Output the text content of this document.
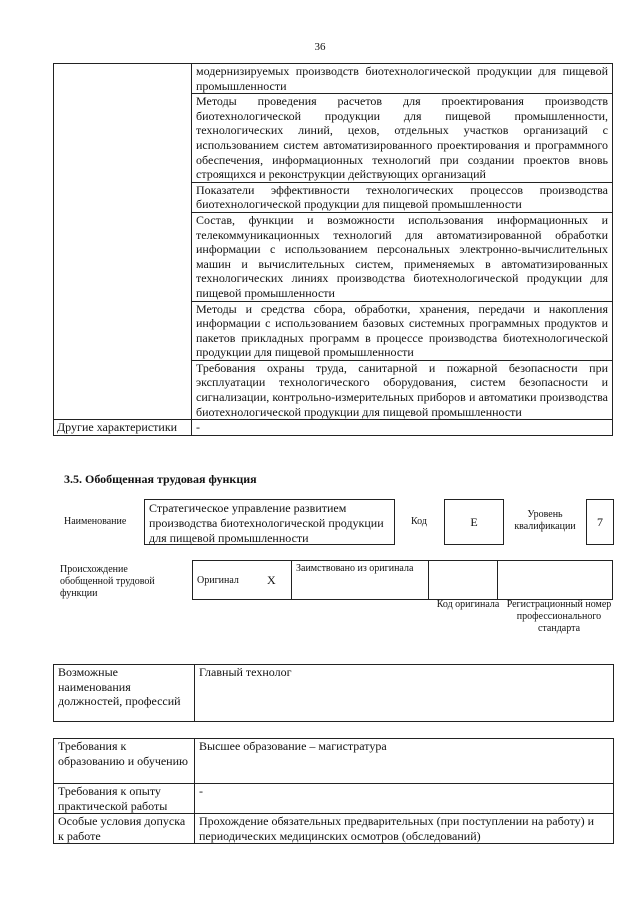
36
	модернизируемых производств биотехнологической продукции для пищевой промышленности
	Методы проведения расчетов для проектирования производств биотехнологической продукции для пищевой промышленности, технологических линий, цехов, отдельных участков организаций с использованием систем автоматизированного проектирования и программного обеспечения, информационных технологий при создании проектов вновь строящихся и реконструкции действующих организаций
	Показатели эффективности технологических процессов производства биотехнологической продукции для пищевой промышленности
	Состав, функции и возможности использования информационных и телекоммуникационных технологий для автоматизированной обработки информации с использованием персональных электронно-вычислительных машин и вычислительных систем, применяемых в автоматизированных технологических линиях производства биотехнологической продукции для пищевой промышленности
	Методы и средства сбора, обработки, хранения, передачи и накопления информации с использованием базовых системных программных продуктов и пакетов прикладных программ в процессе производства биотехнологической продукции для пищевой промышленности
	Требования охраны труда, санитарной и пожарной безопасности при эксплуатации технологического оборудования, систем безопасности и сигнализации, контрольно-измерительных приборов и автоматики производства биотехнологической продукции для пищевой промышленности
Другие характеристики	-
3.5. Обобщенная трудовая функция
Наименование
Стратегическое управление развитием производства биотехнологической продукции для пищевой промышленности
Код	E	Уровень квалификации	7
Происхождение обобщенной трудовой функции
Оригинал	X	Заимствовано из оригинала		
Код оригинала Регистрационный номер профессионального стандарта
Возможные наименования должностей, профессий	Главный технолог
Требования к образованию и обучению	Высшее образование – магистратура
Требования к опыту практической работы	-
Особые условия допуска к работе	Прохождение обязательных предварительных (при поступлении на работу) и периодических медицинских осмотров (обследований)
